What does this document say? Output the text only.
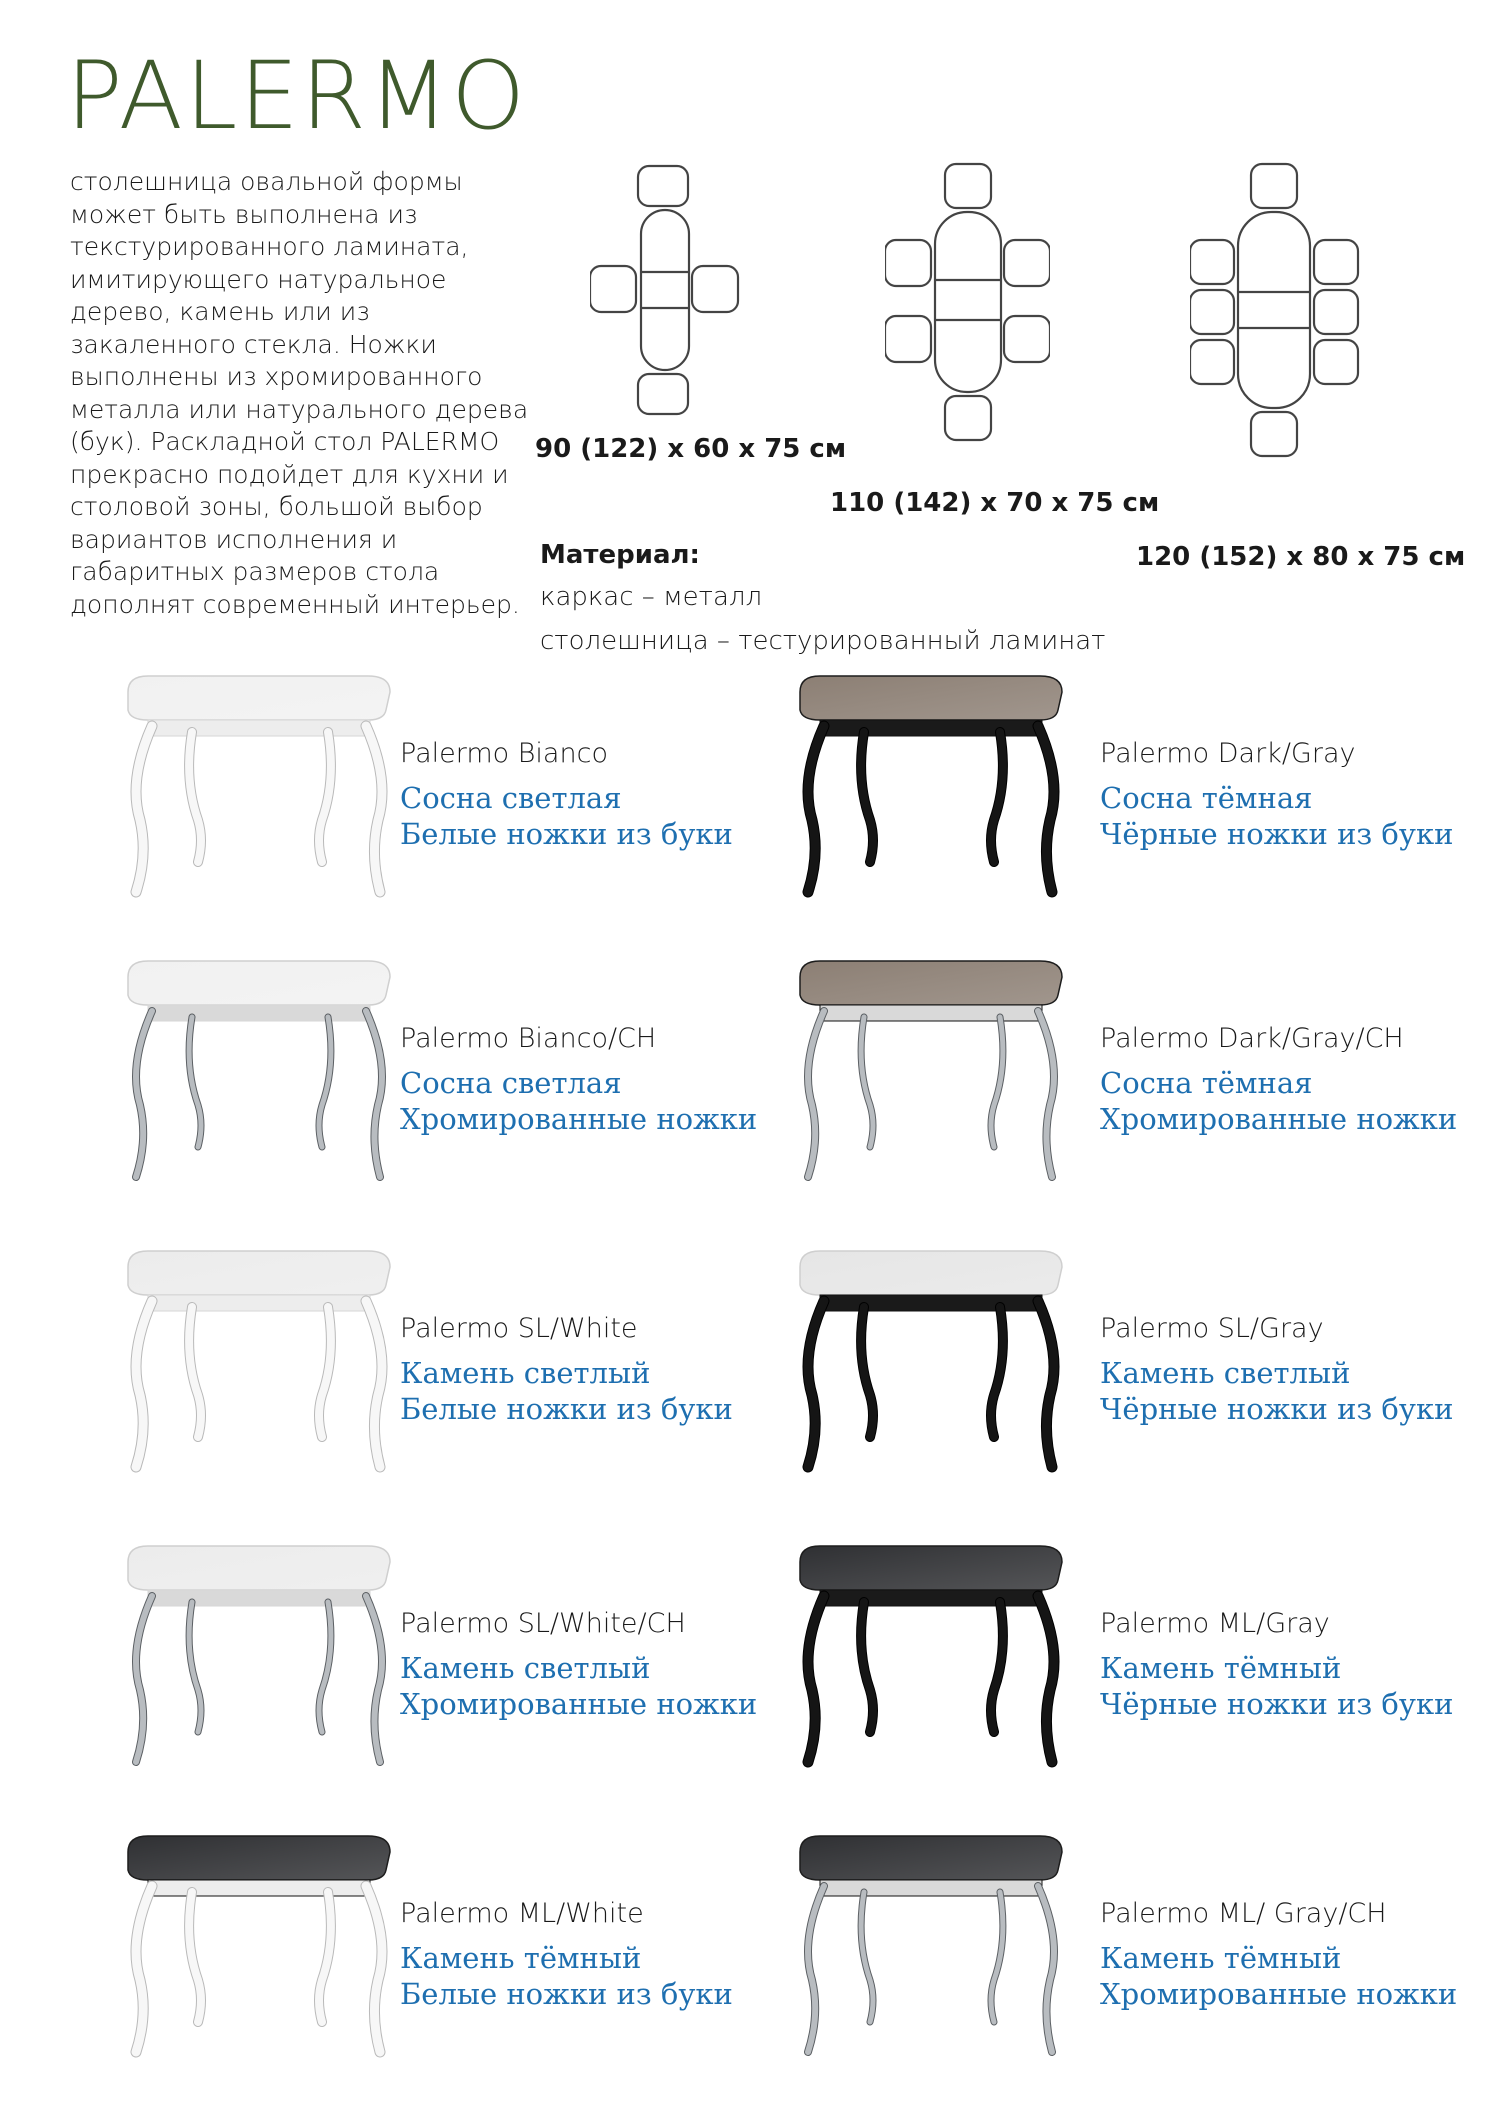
PALERMO

столешница овальной формы может быть выполнена из текстурированного ламината, имитирующего натуральное дерево, камень или из закаленного стекла. Ножки выполнены из хромированного металла или натурального дерева (бук). Раскладной стол PALERMO прекрасно подойдет для кухни и столовой зоны, большой выбор вариантов исполнения и габаритных размеров стола дополнят современный интерьер.

90 (122) x 60 x 75 см
110 (142) x 70 x 75 см
120 (152) x 80 x 75 см
Материал:
каркас – металл
столешница – тестурированный ламинат
Palermo Bianco
Сосна светлая
Белые ножки из буки
Palermo Dark/Gray
Сосна тёмная
Чёрные ножки из буки
Palermo Bianco/CH
Сосна светлая
Хромированные ножки
Palermo Dark/Gray/CH
Сосна тёмная
Хромированные ножки
Palermo SL/White
Камень светлый
Белые ножки из буки
Palermo SL/Gray
Камень светлый
Чёрные ножки из буки
Palermo SL/White/CH
Камень светлый
Хромированные ножки
Palermo ML/Gray
Камень тёмный
Чёрные ножки из буки
Palermo ML/White
Камень тёмный
Белые ножки из буки
Palermo ML/ Gray/CH
Камень тёмный
Хромированные ножки
